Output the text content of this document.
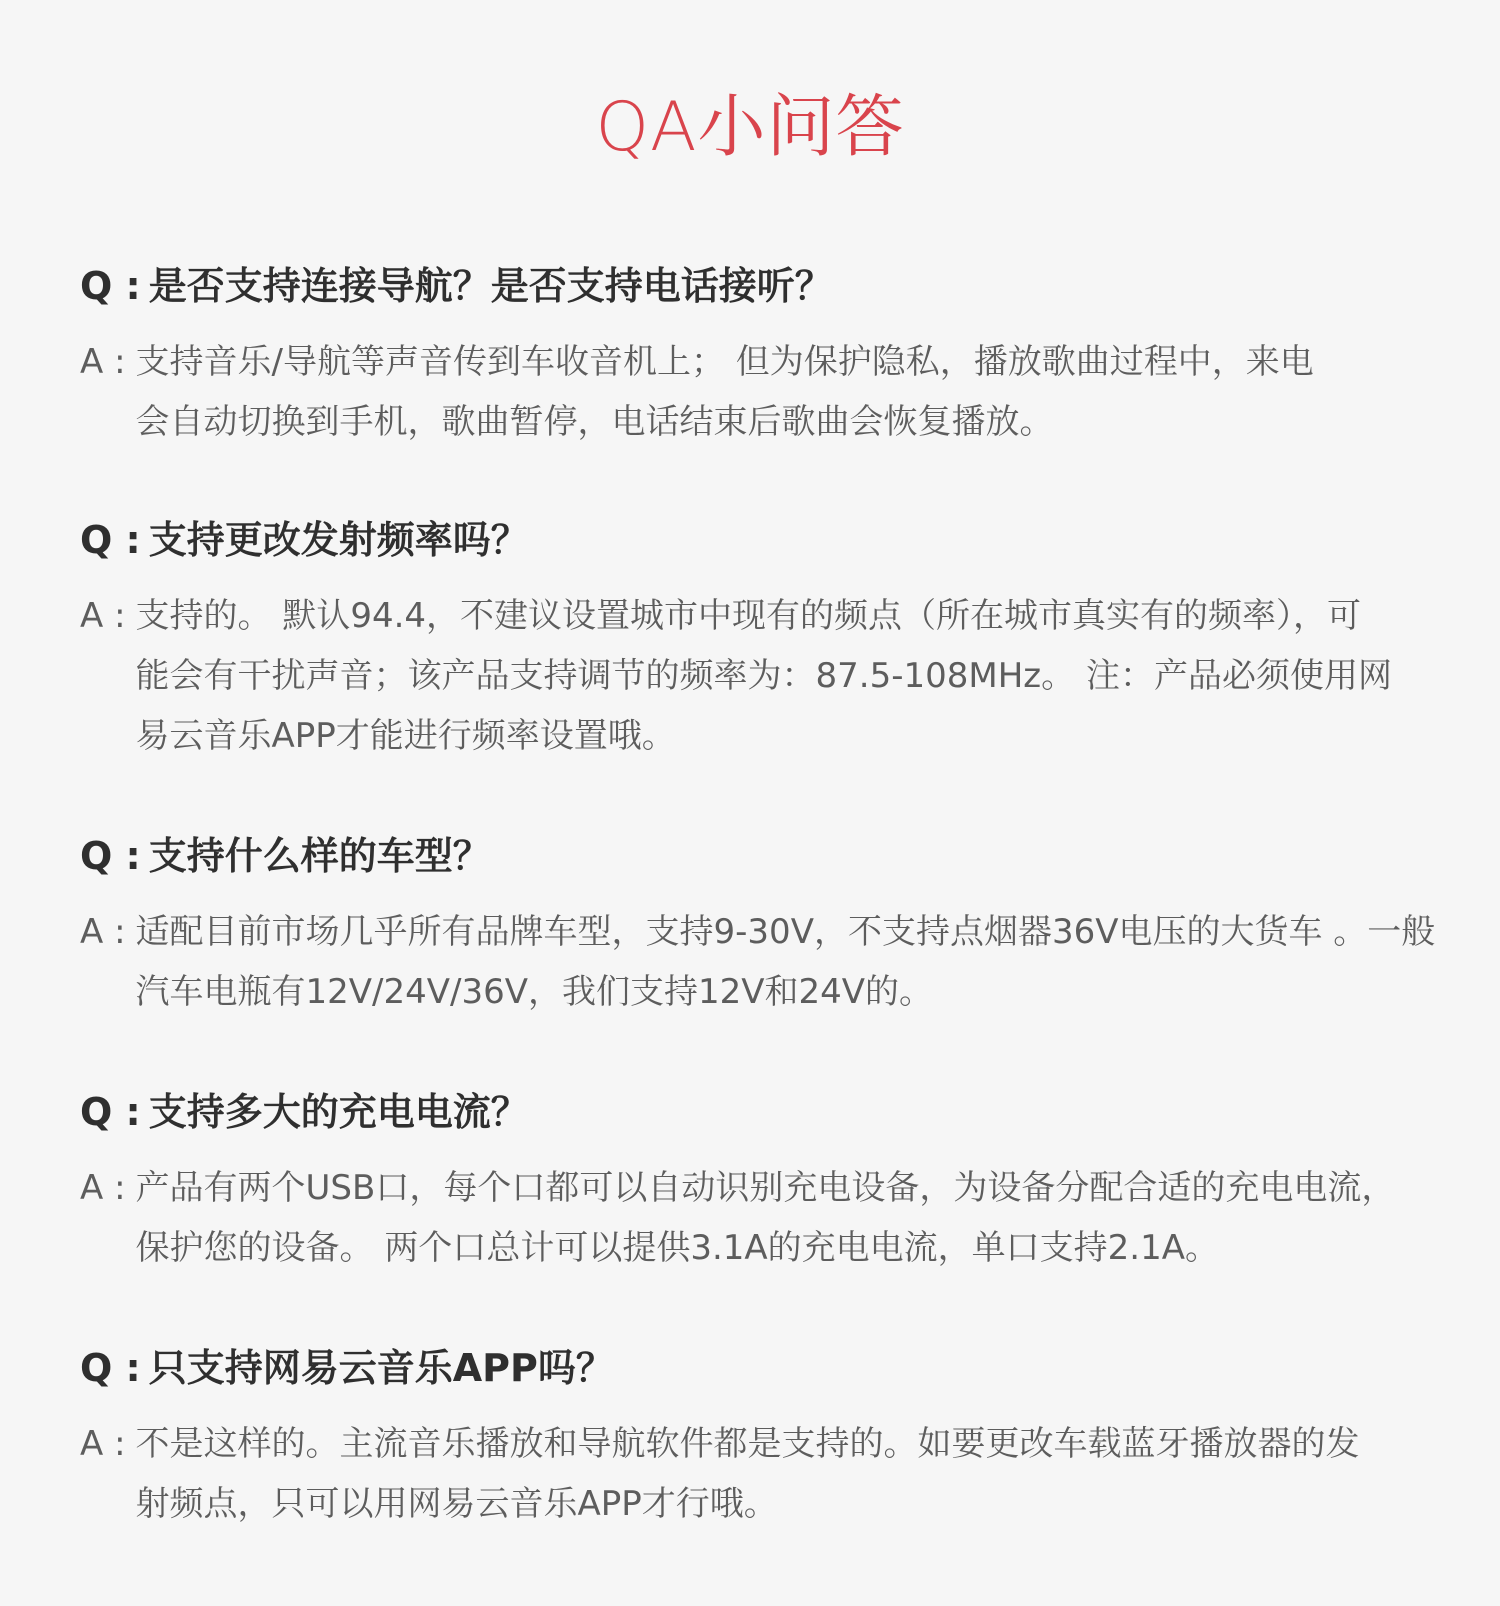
QA小问答
Q : 是否支持连接导航？是否支持电话接听？
A : 支持音乐/导航等声音传到车收音机上； 但为保护隐私，播放歌曲过程中，来电
会自动切换到手机，歌曲暂停，电话结束后歌曲会恢复播放。
Q : 支持更改发射频率吗？
A : 支持的。 默认94.4，不建议设置城市中现有的频点（所在城市真实有的频率），可
能会有干扰声音；该产品支持调节的频率为：87.5-108MHz。 注：产品必须使用网
易云音乐APP才能进行频率设置哦。
Q : 支持什么样的车型？
A : 适配目前市场几乎所有品牌车型，支持9-30V，不支持点烟器36V电压的大货车 。一般
汽车电瓶有12V/24V/36V，我们支持12V和24V的。
Q : 支持多大的充电电流？
A : 产品有两个USB口，每个口都可以自动识别充电设备，为设备分配合适的充电电流，
保护您的设备。 两个口总计可以提供3.1A的充电电流，单口支持2.1A。
Q : 只支持网易云音乐APP吗？
A : 不是这样的。主流音乐播放和导航软件都是支持的。如要更改车载蓝牙播放器的发
射频点，只可以用网易云音乐APP才行哦。
